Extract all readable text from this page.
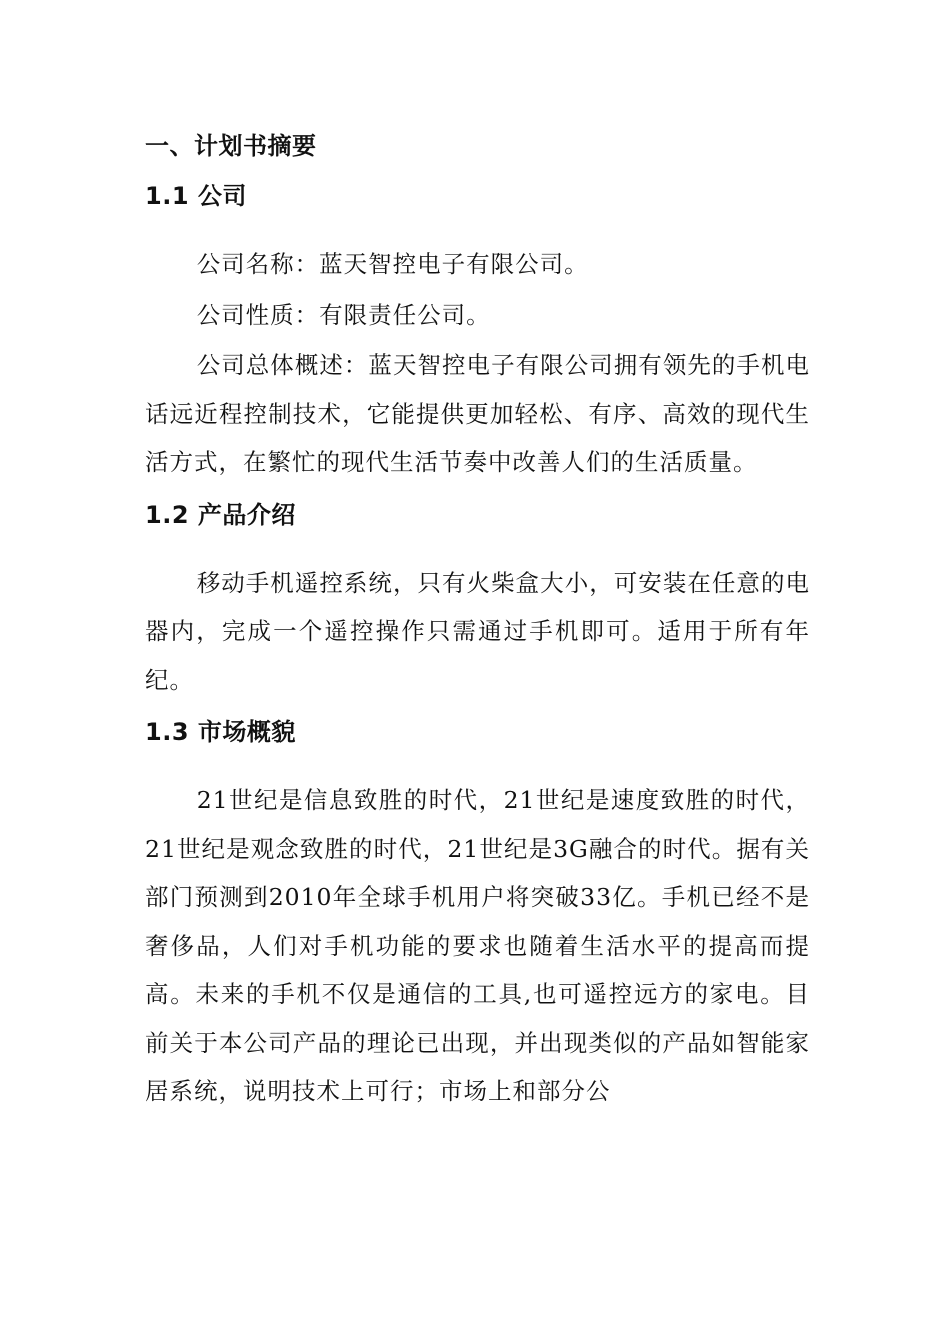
一、计划书摘要
1.1 公司

公司名称：蓝天智控电子有限公司。

公司性质：有限责任公司。

公司总体概述：蓝天智控电子有限公司拥有领先的手机电话远近程控制技术，它能提供更加轻松、有序、高效的现代生活方式，在繁忙的现代生活节奏中改善人们的生活质量。

1.2 产品介绍

移动手机遥控系统，只有火柴盒大小，可安装在任意的电器内，完成一个遥控操作只需通过手机即可。适用于所有年纪。

1.3 市场概貌

21世纪是信息致胜的时代，21世纪是速度致胜的时代，21世纪是观念致胜的时代，21世纪是3G融合的时代。据有关部门预测到2010年全球手机用户将突破33亿。手机已经不是奢侈品，人们对手机功能的要求也随着生活水平的提高而提高。未来的手机不仅是通信的工具,也可遥控远方的家电。目前关于本公司产品的理论已出现，并出现类似的产品如智能家居系统，说明技术上可行；市场上和部分公
